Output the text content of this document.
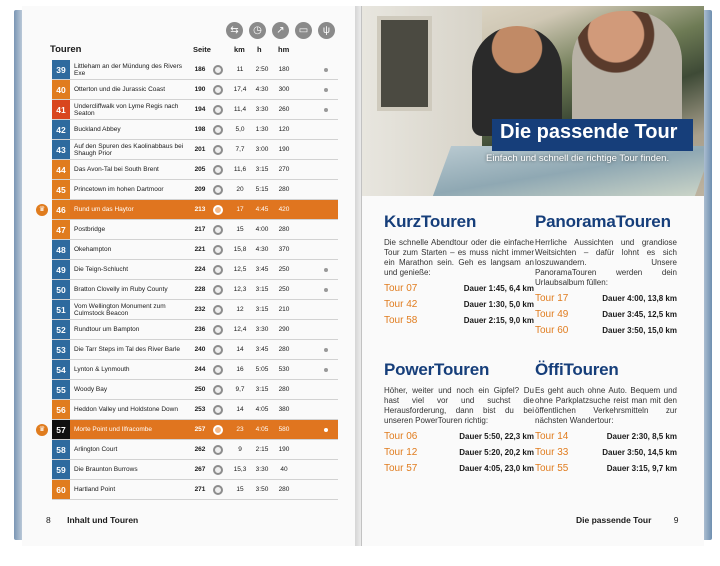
⇆	◷	↗	▭	ψ
Touren	Seite	km h hm
39	Littleham an der Mündung des Rivers Exe	186	11	2:50	180
40	Otterton und die Jurassic Coast	190	17,4	4:30	300
41	Undercliffwalk von Lyme Regis nach Seaton	194	11,4	3:30	260
42	Buckland Abbey	198	5,0	1:30	120
43	Auf den Spuren des Kaolinabbaus bei Shaugh Prior	201	7,7	3:00	190
44	Das Avon-Tal bei South Brent	205	11,6	3:15	270
45	Princetown im hohen Dartmoor	209	20	5:15	280
♛	46	Rund um das Haytor	213	17	4:45	420
47	Postbridge	217	15	4:00	280
48	Okehampton	221	15,8	4:30	370
49	Die Teign-Schlucht	224	12,5	3:45	250
50	Bratton Clovelly im Ruby County	228	12,3	3:15	250
51	Vom Wellington Monument zum Culmstock Beacon	232	12	3:15	210
52	Rundtour um Bampton	236	12,4	3:30	290
53	Die Tarr Steps im Tal des River Barle	240	14	3:45	280
54	Lynton & Lynmouth	244	16	5:05	530
55	Woody Bay	250	9,7	3:15	280
56	Heddon Valley und Holdstone Down	253	14	4:05	380
♛	57	Morte Point und Ilfracombe	257	23	4:05	580
58	Arlington Court	262	9	2:15	190
59	Die Braunton Burrows	267	15,3	3:30	40
60	Hartland Point	271	15	3:50	280
8 Inhalt und Touren
Die passende Tour
Einfach und schnell die richtige Tour finden.
KurzTouren

Die schnelle Abendtour oder die einfache Tour zum Starten – es muss nicht immer ein Marathon sein. Geh es langsam an und genieße:

Tour 07	Dauer 1:45, 6,4 km
Tour 42	Dauer 1:30, 5,0 km
Tour 58	Dauer 2:15, 9,0 km
PanoramaTouren

Herrliche Aussichten und grandiose Weitsichten – dafür lohnt es sich loszuwandern. Unsere PanoramaTouren werden dein Urlaubsalbum füllen:

Tour 17	Dauer 4:00, 13,8 km
Tour 49	Dauer 3:45, 12,5 km
Tour 60	Dauer 3:50, 15,0 km
PowerTouren

Höher, weiter und noch ein Gipfel? Du hast viel vor und suchst die Herausforderung, dann bist du bei unseren PowerTouren richtig:

Tour 06	Dauer 5:50, 22,3 km
Tour 12	Dauer 5:20, 20,2 km
Tour 57	Dauer 4:05, 23,0 km
ÖffiTouren

Es geht auch ohne Auto. Bequem und ohne Parkplatzsuche reist man mit den öffentlichen Verkehrsmitteln zur nächsten Wandertour:

Tour 14	Dauer 2:30, 8,5 km
Tour 33	Dauer 3:50, 14,5 km
Tour 55	Dauer 3:15, 9,7 km
Die passende Tour	9
